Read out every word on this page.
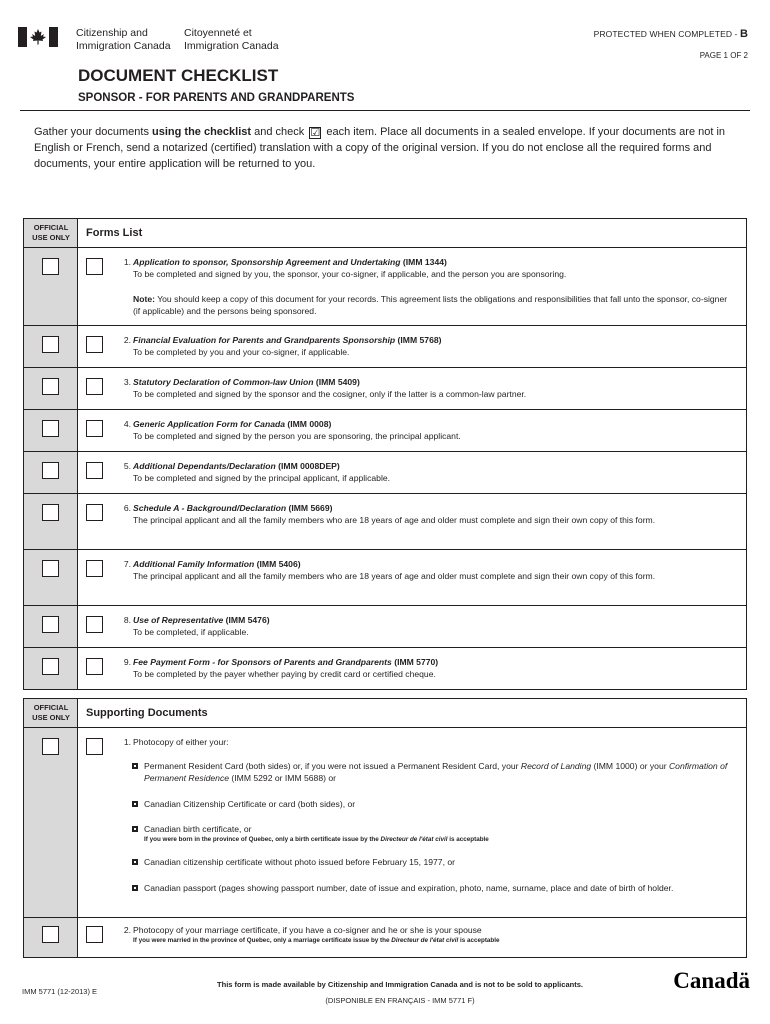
Citizenship and
Immigration Canada
Citoyenneté et
Immigration Canada
PROTECTED WHEN COMPLETED - B
PAGE 1 OF 2
DOCUMENT CHECKLIST
SPONSOR - FOR PARENTS AND GRANDPARENTS
Gather your documents using the checklist and check ☑ each item. Place all documents in a sealed envelope. If your documents are not in English or French, send a notarized (certified) translation with a copy of the original version. If you do not enclose all the required forms and documents, your entire application will be returned to you.
OFFICIAL
USE ONLY	Forms List
1. Application to sponsor, Sponsorship Agreement and Undertaking (IMM 1344)
To be completed and signed by you, the sponsor, your co-signer, if applicable, and the person you are sponsoring.
Note: You should keep a copy of this document for your records. This agreement lists the obligations and responsibilities that fall unto the sponsor, co-signer (if applicable) and the persons being sponsored.
2. Financial Evaluation for Parents and Grandparents Sponsorship (IMM 5768)
To be completed by you and your co-signer, if applicable.
3. Statutory Declaration of Common-law Union (IMM 5409)
To be completed and signed by the sponsor and the cosigner, only if the latter is a common-law partner.
4. Generic Application Form for Canada (IMM 0008)
To be completed and signed by the person you are sponsoring, the principal applicant.
5. Additional Dependants/Declaration (IMM 0008DEP)
To be completed and signed by the principal applicant, if applicable.
6. Schedule A - Background/Declaration (IMM 5669)
The principal applicant and all the family members who are 18 years of age and older must complete and sign their own copy of this form.
7. Additional Family Information (IMM 5406)
The principal applicant and all the family members who are 18 years of age and older must complete and sign their own copy of this form.
8. Use of Representative (IMM 5476)
To be completed, if applicable.
9. Fee Payment Form - for Sponsors of Parents and Grandparents (IMM 5770)
To be completed by the payer whether paying by credit card or certified cheque.
OFFICIAL
USE ONLY	Supporting Documents
1. Photocopy of either your:
Permanent Resident Card (both sides) or, if you were not issued a Permanent Resident Card, your Record of Landing (IMM 1000) or your Confirmation of Permanent Residence (IMM 5292 or IMM 5688) or
Canadian Citizenship Certificate or card (both sides), or
Canadian birth certificate, or
If you were born in the province of Quebec, only a birth certificate issue by the Directeur de l'état civil is acceptable
Canadian citizenship certificate without photo issued before February 15, 1977, or
Canadian passport (pages showing passport number, date of issue and expiration, photo, name, surname, place and date of birth of holder.
2. Photocopy of your marriage certificate, if you have a co-signer and he or she is your spouse
If you were married in the province of Quebec, only a marriage certificate issue by the Directeur de l'état civil is acceptable
IMM 5771 (12-2013) E
This form is made available by Citizenship and Immigration Canada and is not to be sold to applicants.
(DISPONIBLE EN FRANÇAIS - IMM 5771 F)
Canadä
